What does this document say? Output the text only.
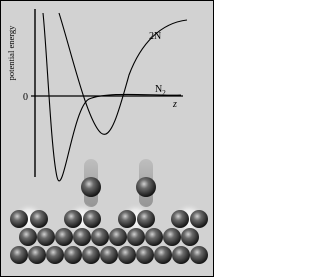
potential energy
0
z
2N
$N_2$
